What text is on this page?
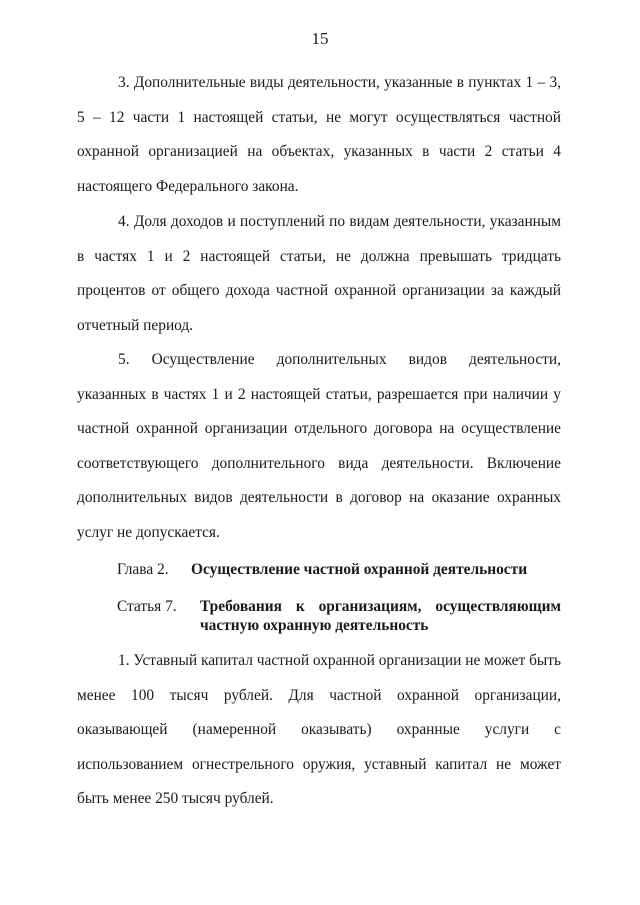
15

3. Дополнительные виды деятельности, указанные в пунктах 1 – 3, 5 – 12 части 1 настоящей статьи, не могут осуществляться частной охранной организацией на объектах, указанных в части 2 статьи 4 настоящего Федерального закона.

4. Доля доходов и поступлений по видам деятельности, указанным в частях 1 и 2 настоящей статьи, не должна превышать тридцать процентов от общего дохода частной охранной организации за каждый отчетный период.

5. Осуществление дополнительных видов деятельности, указанных в частях 1 и 2 настоящей статьи, разрешается при наличии у частной охранной организации отдельного договора на осуществление соответствующего дополнительного вида деятельности. Включение дополнительных видов деятельности в договор на оказание охранных услуг не допускается.

Глава 2. Осуществление частной охранной деятельности
Статья 7. Требования к организациям, осуществляющим частную охранную деятельность

1. Уставный капитал частной охранной организации не может быть менее 100 тысяч рублей. Для частной охранной организации, оказывающей (намеренной оказывать) охранные услуги с использованием огнестрельного оружия, уставный капитал не может быть менее 250 тысяч рублей.
